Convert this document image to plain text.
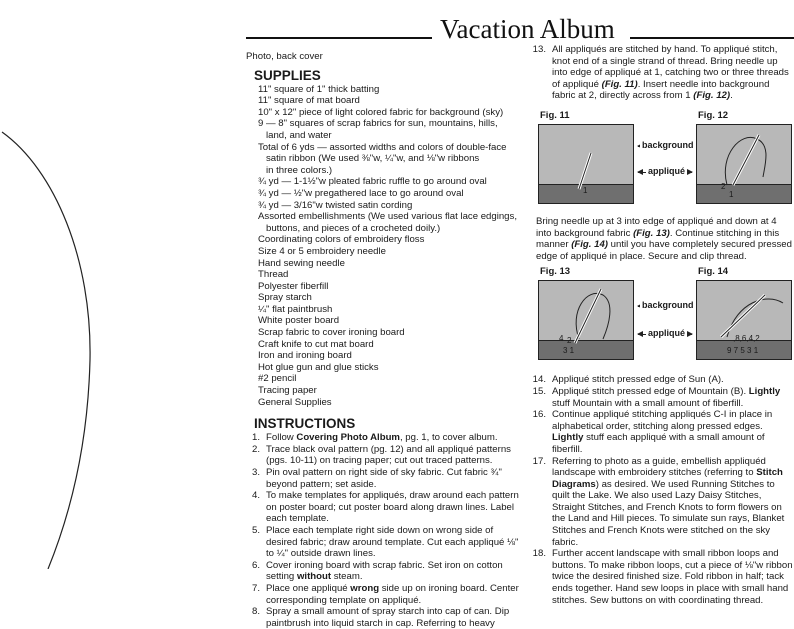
Vacation Album
Photo, back cover
SUPPLIES
11" square of 1" thick batting
11" square of mat board
10" x 12" piece of light colored fabric for background (sky)
9 — 8" squares of scrap fabrics for sun, mountains, hills,
land, and water
Total of 6 yds — assorted widths and colors of double-face
satin ribbon (We used ⅜"w, ¼"w, and ⅛"w ribbons
in three colors.)
¾ yd — 1-1½"w pleated fabric ruffle to go around oval
¾ yd — ½"w pregathered lace to go around oval
¾ yd — 3/16"w twisted satin cording
Assorted embellishments (We used various flat lace edgings,
buttons, and pieces of a crocheted doily.)
Coordinating colors of embroidery floss
Size 4 or 5 embroidery needle
Hand sewing needle
Thread
Polyester fiberfill
Spray starch
¼" flat paintbrush
White poster board
Scrap fabric to cover ironing board
Craft knife to cut mat board
Iron and ironing board
Hot glue gun and glue sticks
#2 pencil
Tracing paper
General Supplies
INSTRUCTIONS
1. Follow Covering Photo Album, pg. 1, to cover album.
2. Trace black oval pattern (pg. 12) and all appliqué patterns (pgs. 10-11) on tracing paper; cut out traced patterns.
3. Pin oval pattern on right side of sky fabric. Cut fabric ¾" beyond pattern; set aside.
4. To make templates for appliqués, draw around each pattern on poster board; cut poster board along drawn lines. Label each template.
5. Place each template right side down on wrong side of desired fabric; draw around template. Cut each appliqué ⅛" to ¼" outside drawn lines.
6. Cover ironing board with scrap fabric. Set iron on cotton setting without steam.
7. Place one appliqué wrong side up on ironing board. Center corresponding template on appliqué.
8. Spray a small amount of spray starch into cap of can. Dip paintbrush into liquid starch in cap. Referring to heavy
13. All appliqués are stitched by hand. To appliqué stitch, knot end of a single strand of thread. Bring needle up into edge of appliqué at 1, catching two or three threads of appliqué (Fig. 11). Insert needle into background fabric at 2, directly across from 1 (Fig. 12).
Fig. 11	Fig. 12
1	2
1
background
appliqué
Bring needle up at 3 into edge of appliqué and down at 4 into background fabric (Fig. 13). Continue stitching in this manner (Fig. 14) until you have completely secured pressed edge of appliqué in place. Secure and clip thread.
Fig. 13	Fig. 14
4 2
3 1
,8,6,4,2
9 7 5 3 1
background
appliqué
14. Appliqué stitch pressed edge of Sun (A).
15. Appliqué stitch pressed edge of Mountain (B). Lightly stuff Mountain with a small amount of fiberfill.
16. Continue appliqué stitching appliqués C-I in place in alphabetical order, stitching along pressed edges. Lightly stuff each appliqué with a small amount of fiberfill.
17. Referring to photo as a guide, embellish appliquéd landscape with embroidery stitches (referring to Stitch Diagrams) as desired. We used Running Stitches to quilt the Lake. We also used Lazy Daisy Stitches, Straight Stitches, and French Knots to form flowers on the Land and Hill pieces. To simulate sun rays, Blanket Stitches and French Knots were stitched on the sky fabric.
18. Further accent landscape with small ribbon loops and buttons. To make ribbon loops, cut a piece of ⅛"w ribbon twice the desired finished size. Fold ribbon in half; tack ends together. Hand sew loops in place with small hand stitches. Sew buttons on with coordinating thread.
